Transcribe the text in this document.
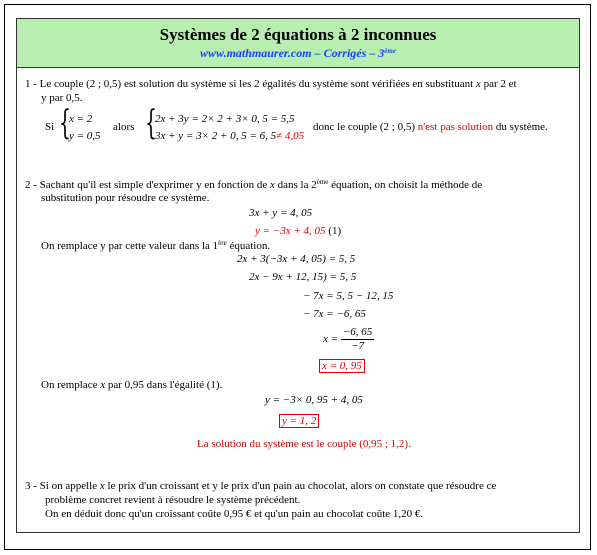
Systèmes de 2 équations à 2 inconnues
www.mathmaurer.com – Corrigés – 3ème
1 - Le couple (2 ; 0,5) est solution du système si les 2 égalités du système sont vérifiées en substituant x par 2 et
y par 0,5.
Si {
x = 2
y = 0,5
alors {
2x + 3y = 2× 2 + 3× 0, 5 = 5,5
3x + y = 3× 2 + 0, 5 = 6, 5≠ 4,05
donc le couple (2 ; 0,5) n'est pas solution du système.
2 - Sachant qu'il est simple d'exprimer y en fonction de x dans la 2ème équation, on choisit la méthode de
substitution pour résoudre ce système.
3x + y = 4, 05
y = −3x + 4, 05 (1)
On remplace y par cette valeur dans la 1ère équation.
2x + 3(−3x + 4, 05) = 5, 5
2x − 9x + 12, 15) = 5, 5
− 7x = 5, 5 − 12, 15
− 7x = −6, 65
$x = \frac{-6, 65}{-7}$
x = 0, 95
On remplace x par 0,95 dans l'égalité (1).
y = −3× 0, 95 + 4, 05
y = 1, 2
La solution du système est le couple (0,95 ; 1,2).
3 - Si on appelle x le prix d'un croissant et y le prix d'un pain au chocolat, alors on constate que résoudre ce
problème concret revient à résoudre le système précédent.
On en déduit donc qu'un croissant coûte 0,95 € et qu'un pain au chocolat coûte 1,20 €.
